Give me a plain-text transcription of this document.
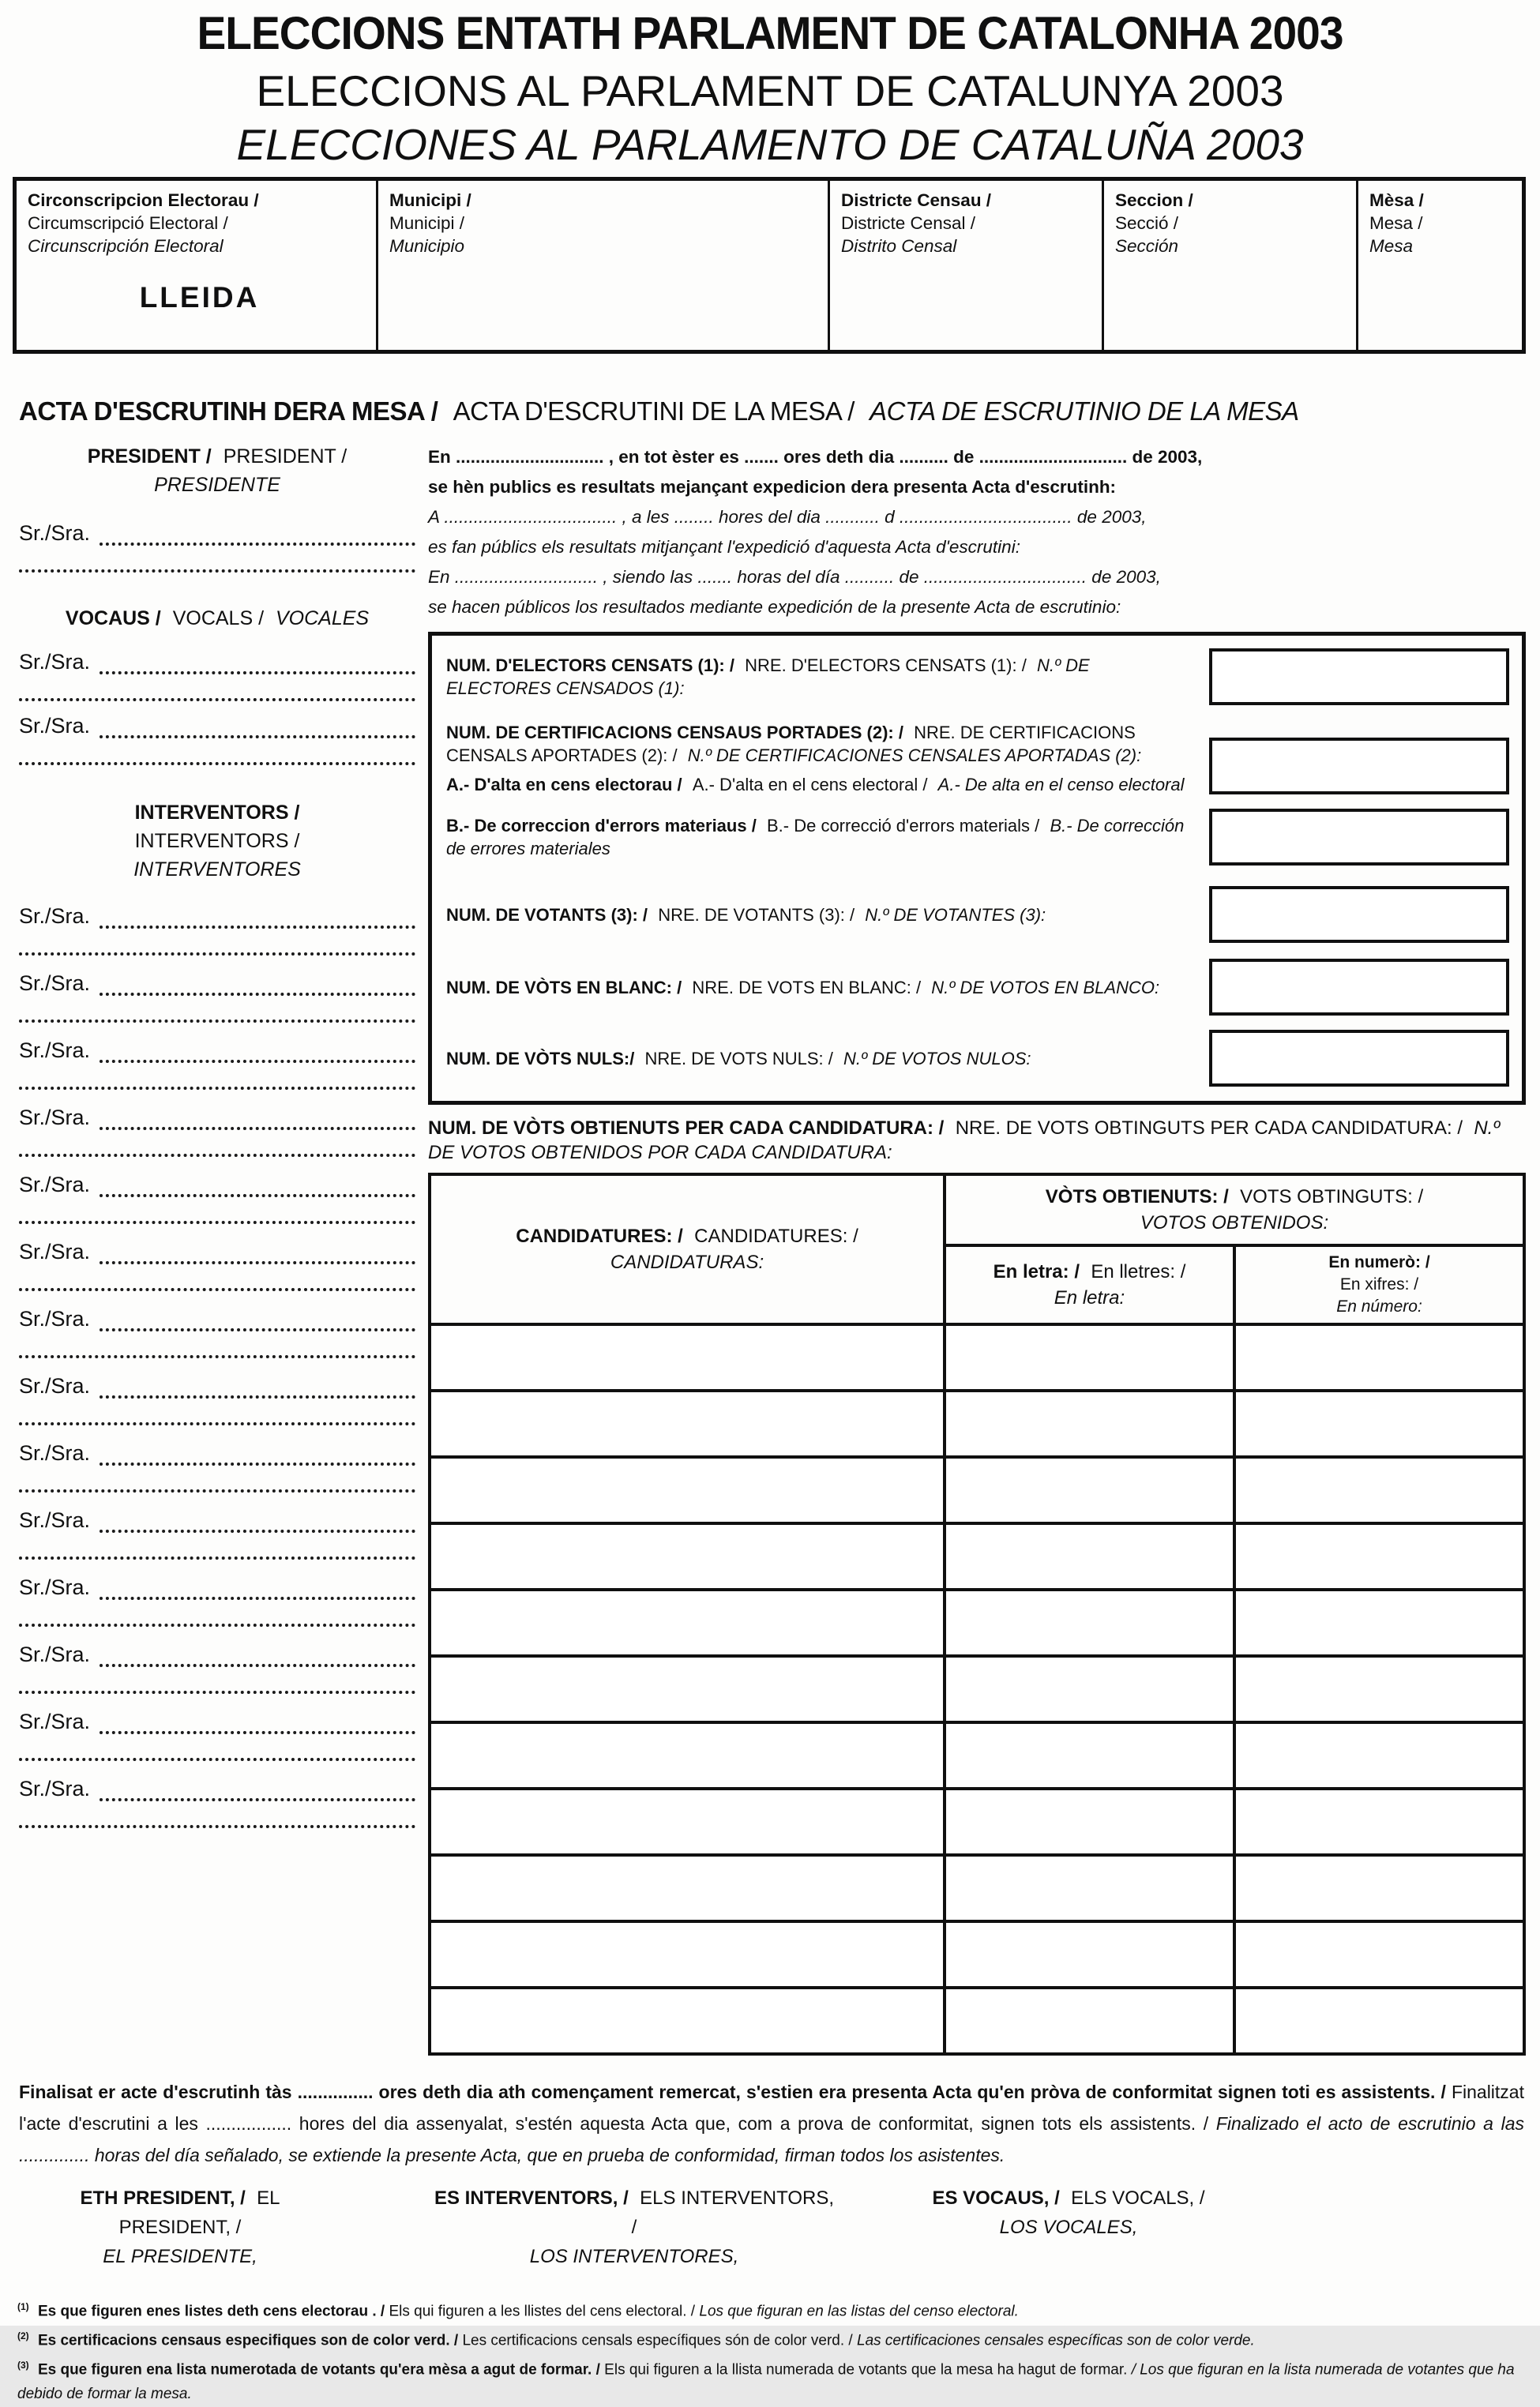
ELECCIONS ENTATH PARLAMENT DE CATALONHA 2003
ELECCIONS AL PARLAMENT DE CATALUNYA 2003
ELECCIONES AL PARLAMENTO DE CATALUÑA 2003
Circonscripcion Electorau /
Circumscripció Electoral /
Circunscripción Electoral
LLEIDA
Municipi /
Municipi /
Municipio
Districte Censau /
Districte Censal /
Distrito Censal
Seccion /
Secció /
Sección
Mèsa /
Mesa /
Mesa
ACTA D'ESCRUTINH DERA MESA / ACTA D'ESCRUTINI DE LA MESA / ACTA DE ESCRUTINIO DE LA MESA
PRESIDENT / PRESIDENT /
PRESIDENTE
Sr./Sra.
VOCAUS / VOCALS / VOCALES
Sr./Sra.
Sr./Sra.
INTERVENTORS /
INTERVENTORS /
INTERVENTORES
Sr./Sra.
Sr./Sra.
Sr./Sra.
Sr./Sra.
Sr./Sra.
Sr./Sra.
Sr./Sra.
Sr./Sra.
Sr./Sra.
Sr./Sra.
Sr./Sra.
Sr./Sra.
Sr./Sra.
Sr./Sra.
En .............................. , en tot èster es ....... ores deth dia .......... de .............................. de 2003,
se hèn publics es resultats mejançant expedicion dera presenta Acta d'escrutinh:
A ................................... , a les ........ hores del dia ........... d ................................... de 2003,
es fan públics els resultats mitjançant l'expedició d'aquesta Acta d'escrutini:
En ............................. , siendo las ....... horas del día .......... de ................................. de 2003,
se hacen públicos los resultados mediante expedición de la presente Acta de escrutinio:
NUM. D'ELECTORS CENSATS (1): / NRE. D'ELECTORS CENSATS (1): / N.º DE ELECTORES CENSADOS (1):
NUM. DE CERTIFICACIONS CENSAUS PORTADES (2): / NRE. DE CERTIFICACIONS CENSALS APORTADES (2): / N.º DE CERTIFICACIONES CENSALES APORTADAS (2):
A.- D'alta en cens electorau / A.- D'alta en el cens electoral / A.- De alta en el censo electoral
B.- De correccion d'errors materiaus / B.- De correcció d'errors materials / B.- De corrección de errores materiales
NUM. DE VOTANTS (3): / NRE. DE VOTANTS (3): / N.º DE VOTANTES (3):
NUM. DE VÒTS EN BLANC: / NRE. DE VOTS EN BLANC: / N.º DE VOTOS EN BLANCO:
NUM. DE VÒTS NULS:/ NRE. DE VOTS NULS: / N.º DE VOTOS NULOS:
NUM. DE VÒTS OBTIENUTS PER CADA CANDIDATURA: / NRE. DE VOTS OBTINGUTS PER CADA CANDIDATURA: / N.º DE VOTOS OBTENIDOS POR CADA CANDIDATURA:
CANDIDATURES: / CANDIDATURES: /
CANDIDATURAS:

VÒTS OBTIENUTS: / VOTS OBTINGUTS: /
VOTOS OBTENIDOS:

En letra: / En lletres: /
En letra:

En numerò: /
En xifres: /
En número:

Finalisat er acte d'escrutinh tàs ............... ores deth dia ath començament remercat, s'estien era presenta Acta qu'en pròva de conformitat signen toti es assistents. / Finalitzat l'acte d'escrutini a les ................. hores del dia assenyalat, s'estén aquesta Acta que, com a prova de conformitat, signen tots els assistents. / Finalizado el acto de escrutinio a las .............. horas del día señalado, se extiende la presente Acta, que en prueba de conformidad, firman todos los asistentes.
ETH PRESIDENT, / EL PRESIDENT, /
EL PRESIDENTE,
ES INTERVENTORS, / ELS INTERVENTORS, /
LOS INTERVENTORES,
ES VOCAUS, / ELS VOCALS, /
LOS VOCALES,
$^{(1)}$ Es que figuren enes listes deth cens electorau . / Els qui figuren a les llistes del cens electoral. / Los que figuran en las listas del censo electoral.
$^{(2)}$ Es certificacions censaus especifiques son de color verd. / Les certificacions censals específiques són de color verd. / Las certificaciones censales específicas son de color verde.
$^{(3)}$ Es que figuren ena lista numerotada de votants qu'era mèsa a agut de formar. / Els qui figuren a la llista numerada de votants que la mesa ha hagut de formar. / Los que figuran en la lista numerada de votantes que ha debido de formar la mesa.
